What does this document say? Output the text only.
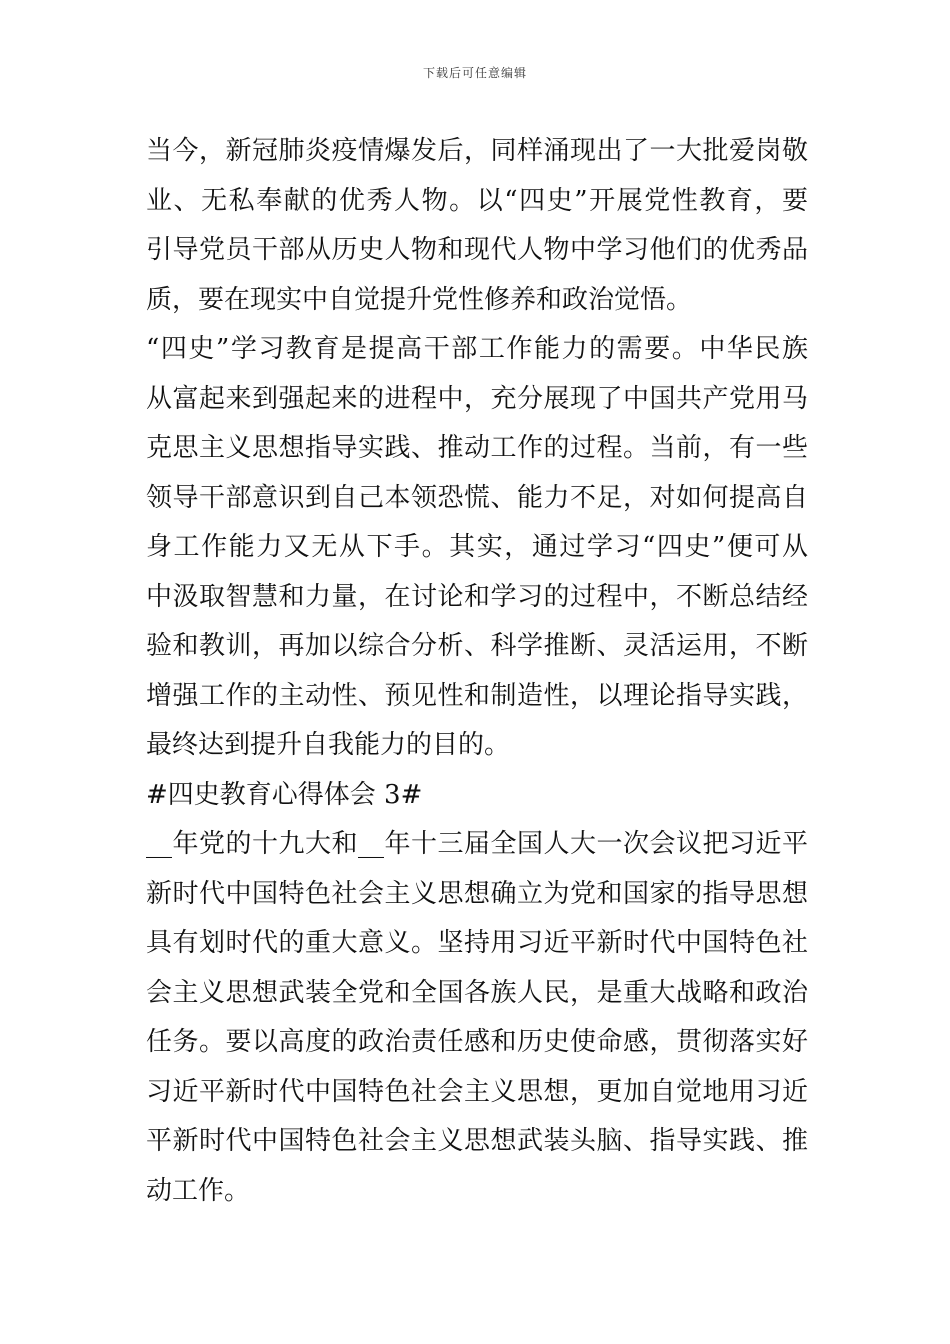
下载后可任意编辑
当今，新冠肺炎疫情爆发后，同样涌现出了一大批爱岗敬
业、无私奉献的优秀人物。以“四史”开展党性教育，要
引导党员干部从历史人物和现代人物中学习他们的优秀品
质，要在现实中自觉提升党性修养和政治觉悟。
“四史”学习教育是提高干部工作能力的需要。中华民族
从富起来到强起来的进程中，充分展现了中国共产党用马
克思主义思想指导实践、推动工作的过程。当前，有一些
领导干部意识到自己本领恐慌、能力不足，对如何提高自
身工作能力又无从下手。其实，通过学习“四史”便可从
中汲取智慧和力量，在讨论和学习的过程中，不断总结经
验和教训，再加以综合分析、科学推断、灵活运用，不断
增强工作的主动性、预见性和制造性，以理论指导实践，
最终达到提升自我能力的目的。
#四史教育心得体会 3#
__年党的十九大和__年十三届全国人大一次会议把习近平
新时代中国特色社会主义思想确立为党和国家的指导思想
具有划时代的重大意义。坚持用习近平新时代中国特色社
会主义思想武装全党和全国各族人民，是重大战略和政治
任务。要以高度的政治责任感和历史使命感，贯彻落实好
习近平新时代中国特色社会主义思想，更加自觉地用习近
平新时代中国特色社会主义思想武装头脑、指导实践、推
动工作。
